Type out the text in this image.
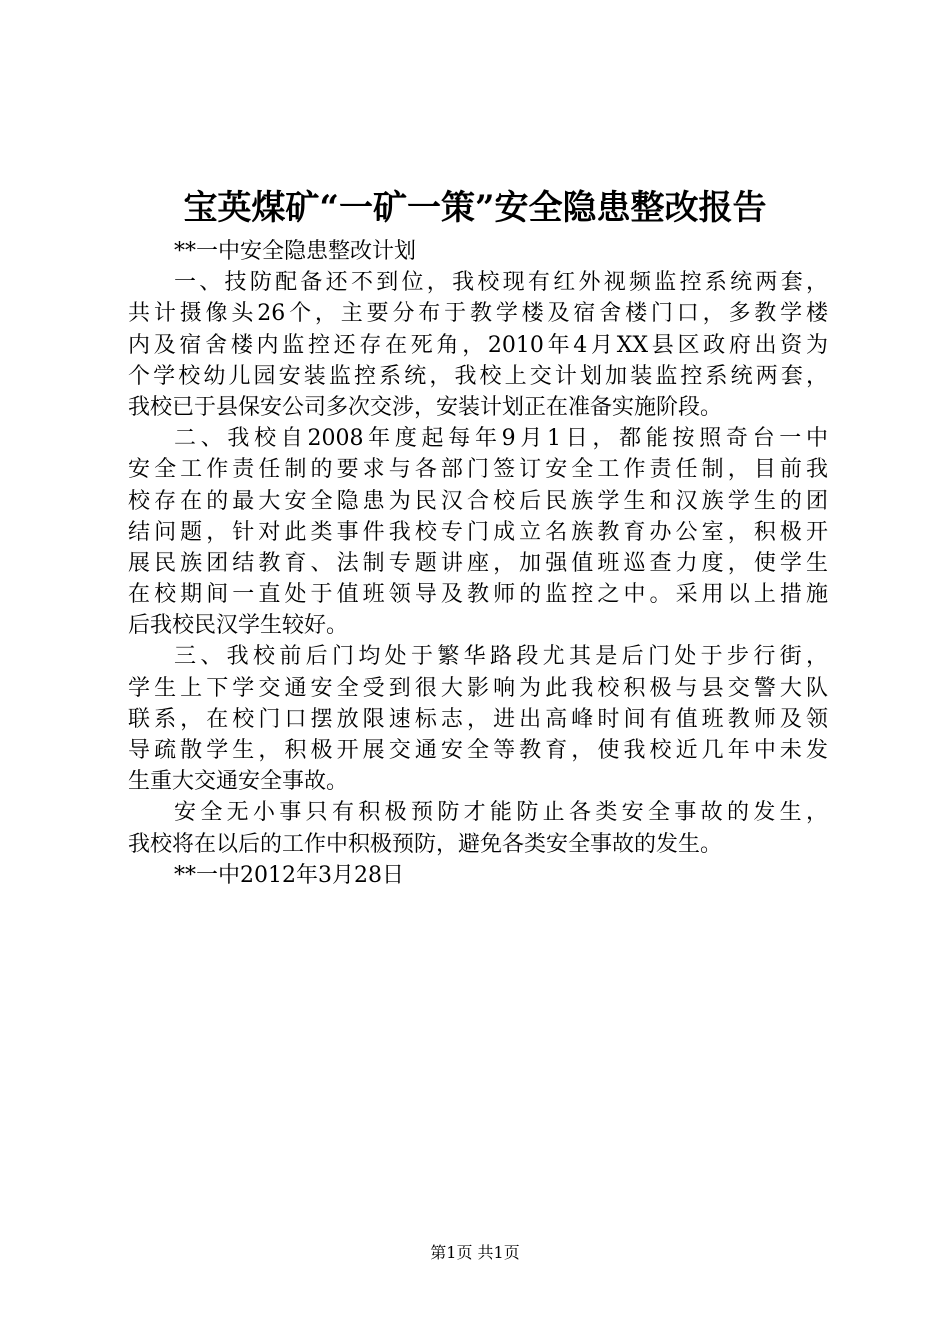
宝英煤矿“一矿一策”安全隐患整改报告
**一中安全隐患整改计划
一、技防配备还不到位，我校现有红外视频监控系统两套，
共计摄像头26个，主要分布于教学楼及宿舍楼门口，多教学楼
内及宿舍楼内监控还存在死角，2010年4月XX县区政府出资为
个学校幼儿园安装监控系统，我校上交计划加装监控系统两套，
我校已于县保安公司多次交涉，安装计划正在准备实施阶段。
二、我校自2008年度起每年9月1日，都能按照奇台一中
安全工作责任制的要求与各部门签订安全工作责任制，目前我
校存在的最大安全隐患为民汉合校后民族学生和汉族学生的团
结问题，针对此类事件我校专门成立名族教育办公室，积极开
展民族团结教育、法制专题讲座，加强值班巡查力度，使学生
在校期间一直处于值班领导及教师的监控之中。采用以上措施
后我校民汉学生较好。
三、我校前后门均处于繁华路段尤其是后门处于步行街，
学生上下学交通安全受到很大影响为此我校积极与县交警大队
联系，在校门口摆放限速标志，进出高峰时间有值班教师及领
导疏散学生，积极开展交通安全等教育，使我校近几年中未发
生重大交通安全事故。
安全无小事只有积极预防才能防止各类安全事故的发生，
我校将在以后的工作中积极预防，避免各类安全事故的发生。
**一中2012年3月28日
第1页 共1页
